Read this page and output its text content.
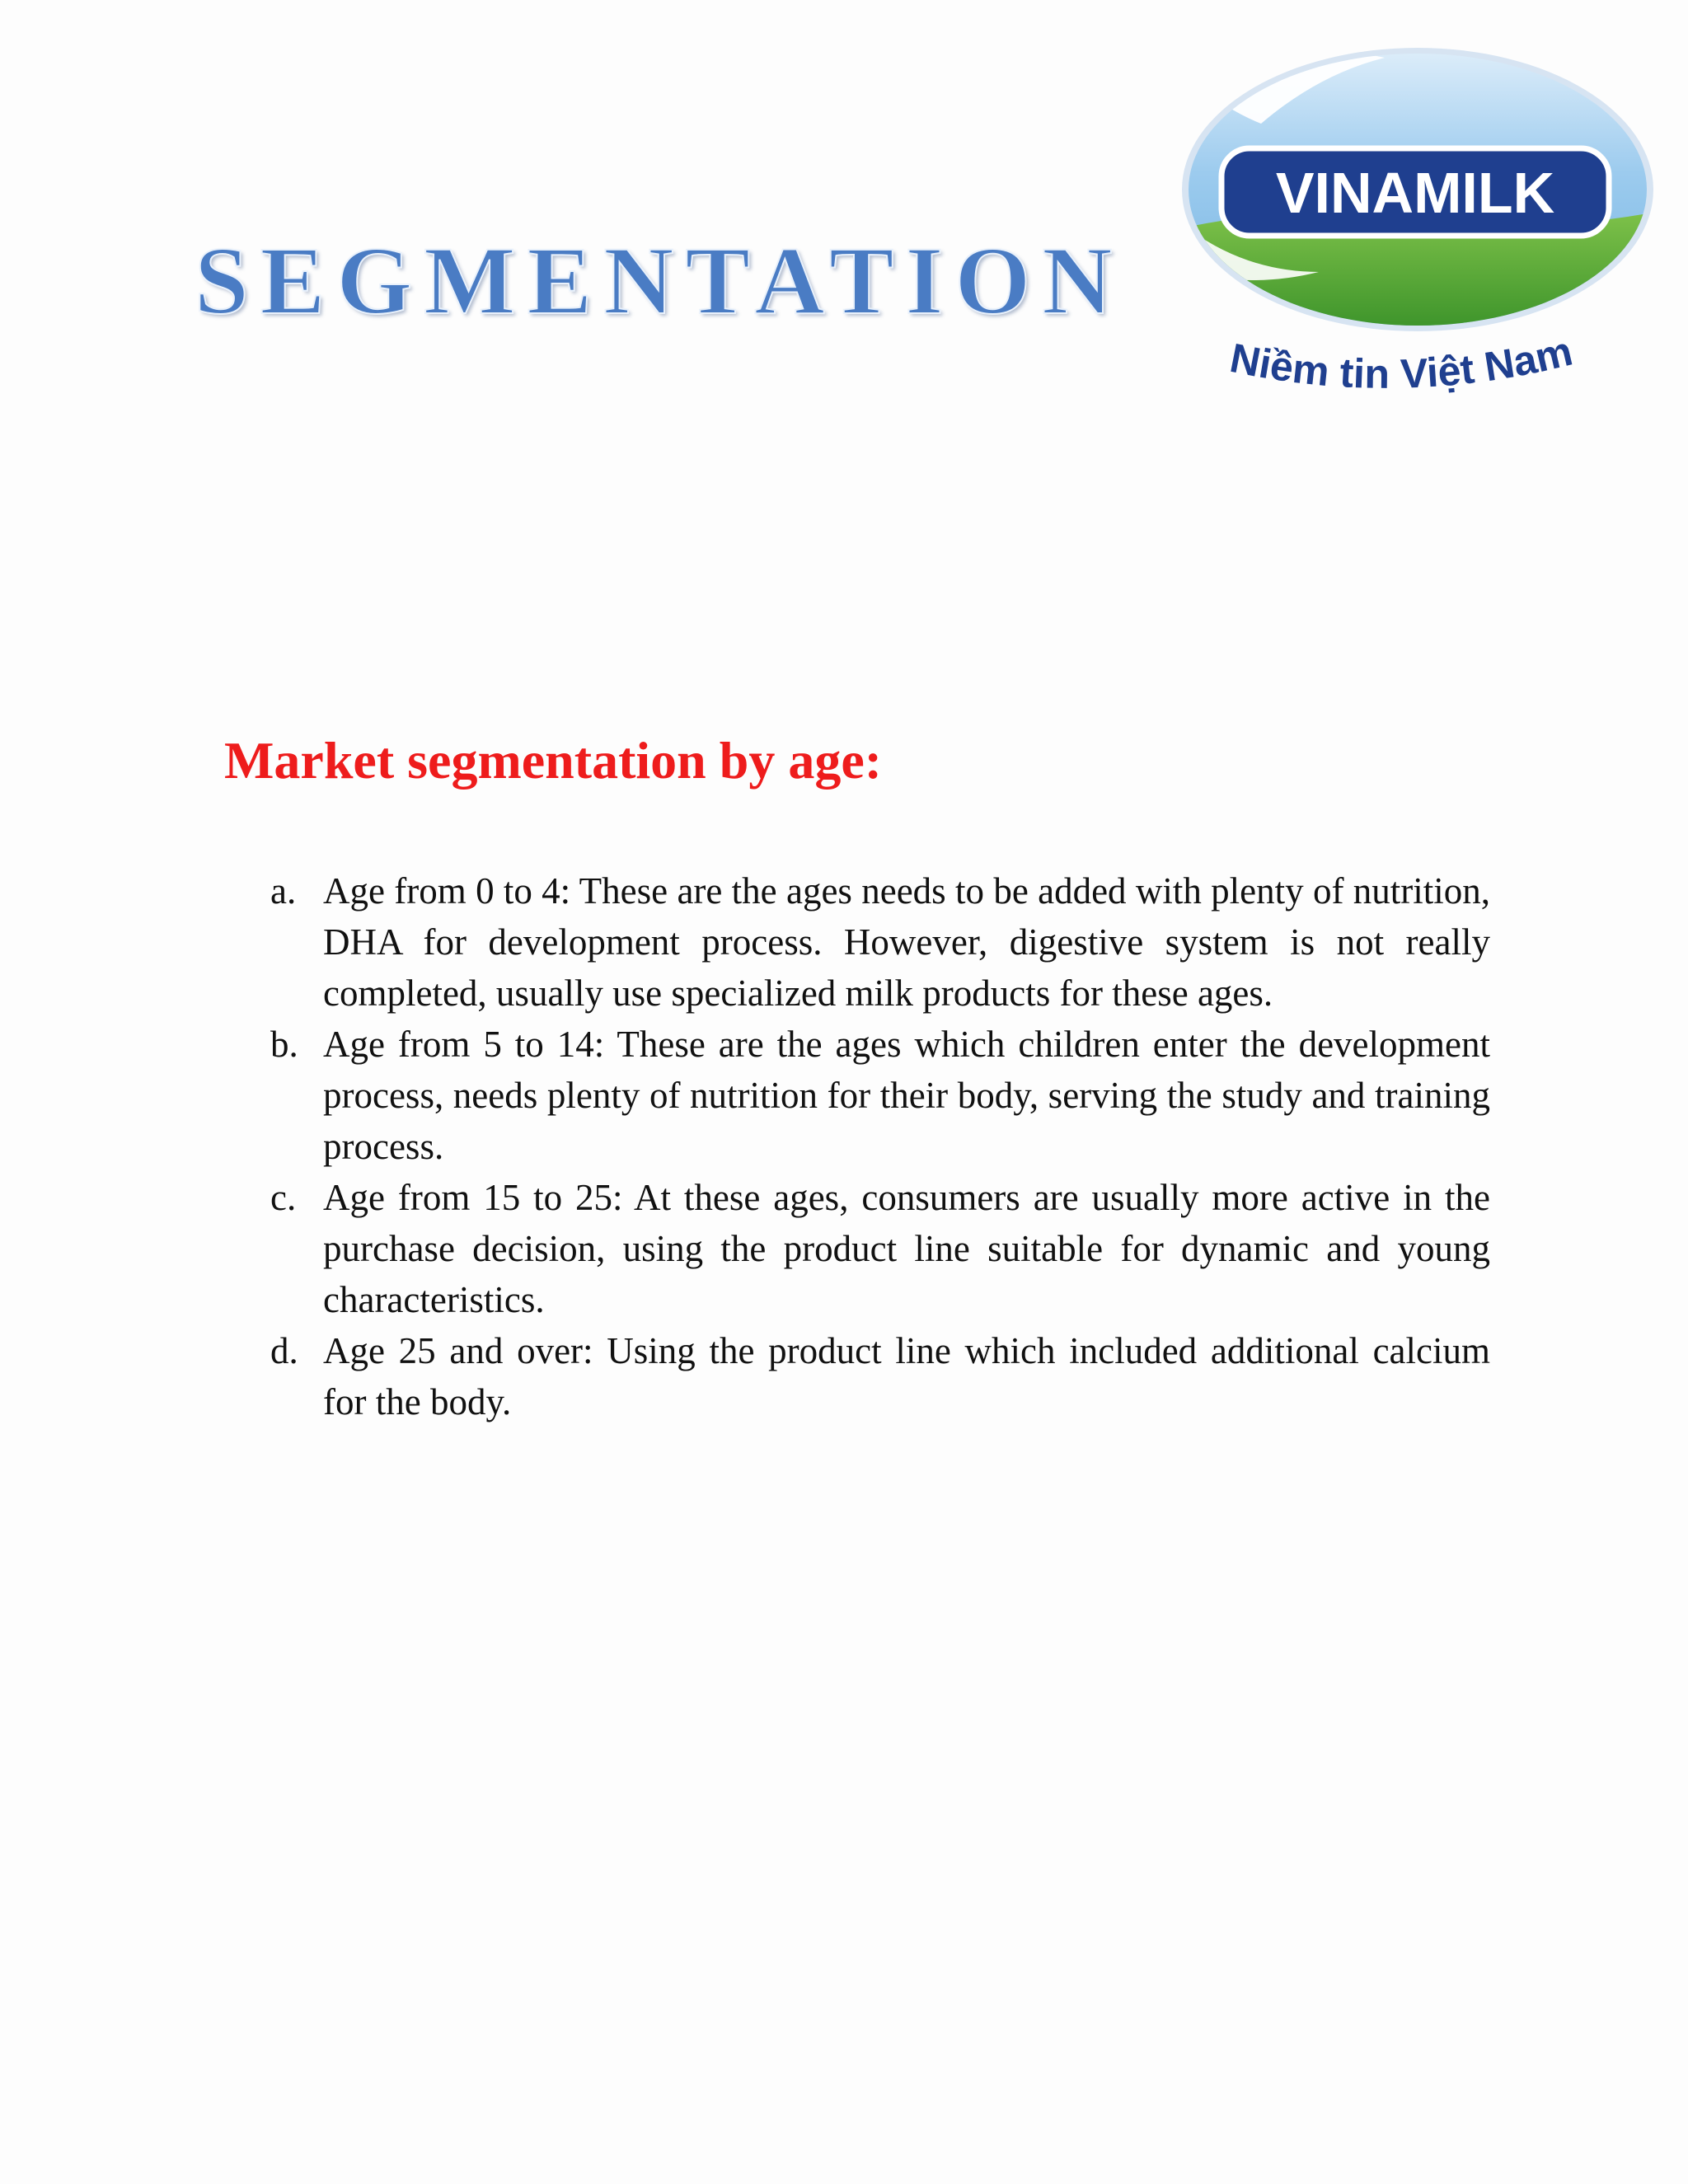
SEGMENTATION
VINAMILK
Niềm tin Việt Nam
Market segmentation by age:
a. Age from 0 to 4: These are the ages needs to be added with plenty of nutrition, DHA for development process. However, digestive system is not really completed, usually use specialized milk products for these ages.
b. Age from 5 to 14: These are the ages which children enter the development process, needs plenty of nutrition for their body, serving the study and training process.
c. Age from 15 to 25: At these ages, consumers are usually more active in the purchase decision, using the product line suitable for dynamic and young characteristics.
d. Age 25 and over: Using the product line which included additional calcium for the body.
